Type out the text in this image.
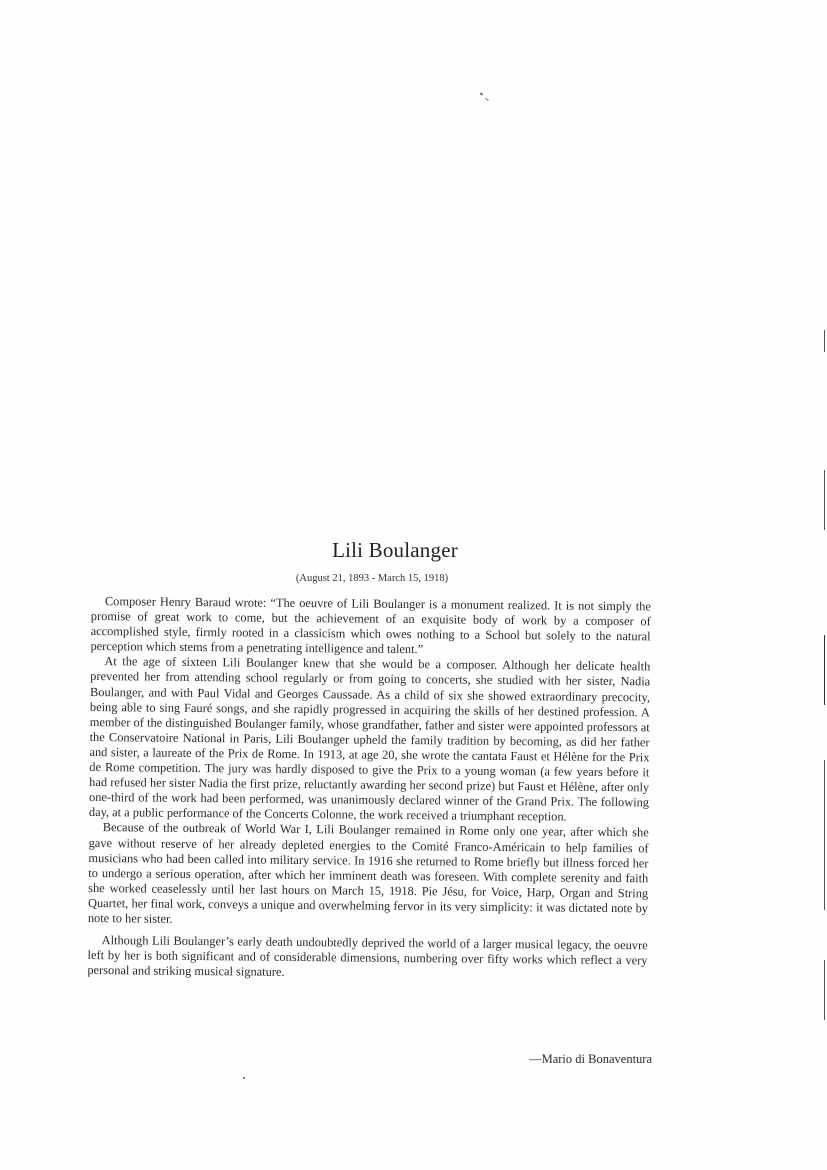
Lili Boulanger
(August 21, 1893 - March 15, 1918)

Composer Henry Baraud wrote: “The oeuvre of Lili Boulanger is a monument realized. It is not simply the promise of great work to come, but the achievement of an exquisite body of work by a composer of accomplished style, firmly rooted in a classicism which owes nothing to a School but solely to the natural perception which stems from a penetrating intelligence and talent.”

At the age of sixteen Lili Boulanger knew that she would be a composer. Although her delicate health prevented her from attending school regularly or from going to concerts, she studied with her sister, Nadia Boulanger, and with Paul Vidal and Georges Caussade. As a child of six she showed extraordinary precocity, being able to sing Fauré songs, and she rapidly progressed in acquiring the skills of her destined profession. A member of the distinguished Boulanger family, whose grandfather, father and sister were appointed professors at the Conservatoire National in Paris, Lili Boulanger upheld the family tradition by becoming, as did her father and sister, a laureate of the Prix de Rome. In 1913, at age 20, she wrote the cantata Faust et Hélène for the Prix de Rome competition. The jury was hardly disposed to give the Prix to a young woman (a few years before it had refused her sister Nadia the first prize, reluctantly awarding her second prize) but Faust et Hélène, after only one-third of the work had been performed, was unanimously declared winner of the Grand Prix. The following day, at a public performance of the Concerts Colonne, the work received a triumphant reception.

Because of the outbreak of World War I, Lili Boulanger remained in Rome only one year, after which she gave without reserve of her already depleted energies to the Comité Franco-Américain to help families of musicians who had been called into military service. In 1916 she returned to Rome briefly but illness forced her to undergo a serious operation, after which her imminent death was foreseen. With complete serenity and faith she worked ceaselessly until her last hours on March 15, 1918. Pie Jésu, for Voice, Harp, Organ and String Quartet, her final work, conveys a unique and overwhelming fervor in its very simplicity: it was dictated note by note to her sister.

Although Lili Boulanger’s early death undoubtedly deprived the world of a larger musical legacy, the oeuvre left by her is both significant and of considerable dimensions, numbering over fifty works which reflect a very personal and striking musical signature.

—Mario di Bonaventura
